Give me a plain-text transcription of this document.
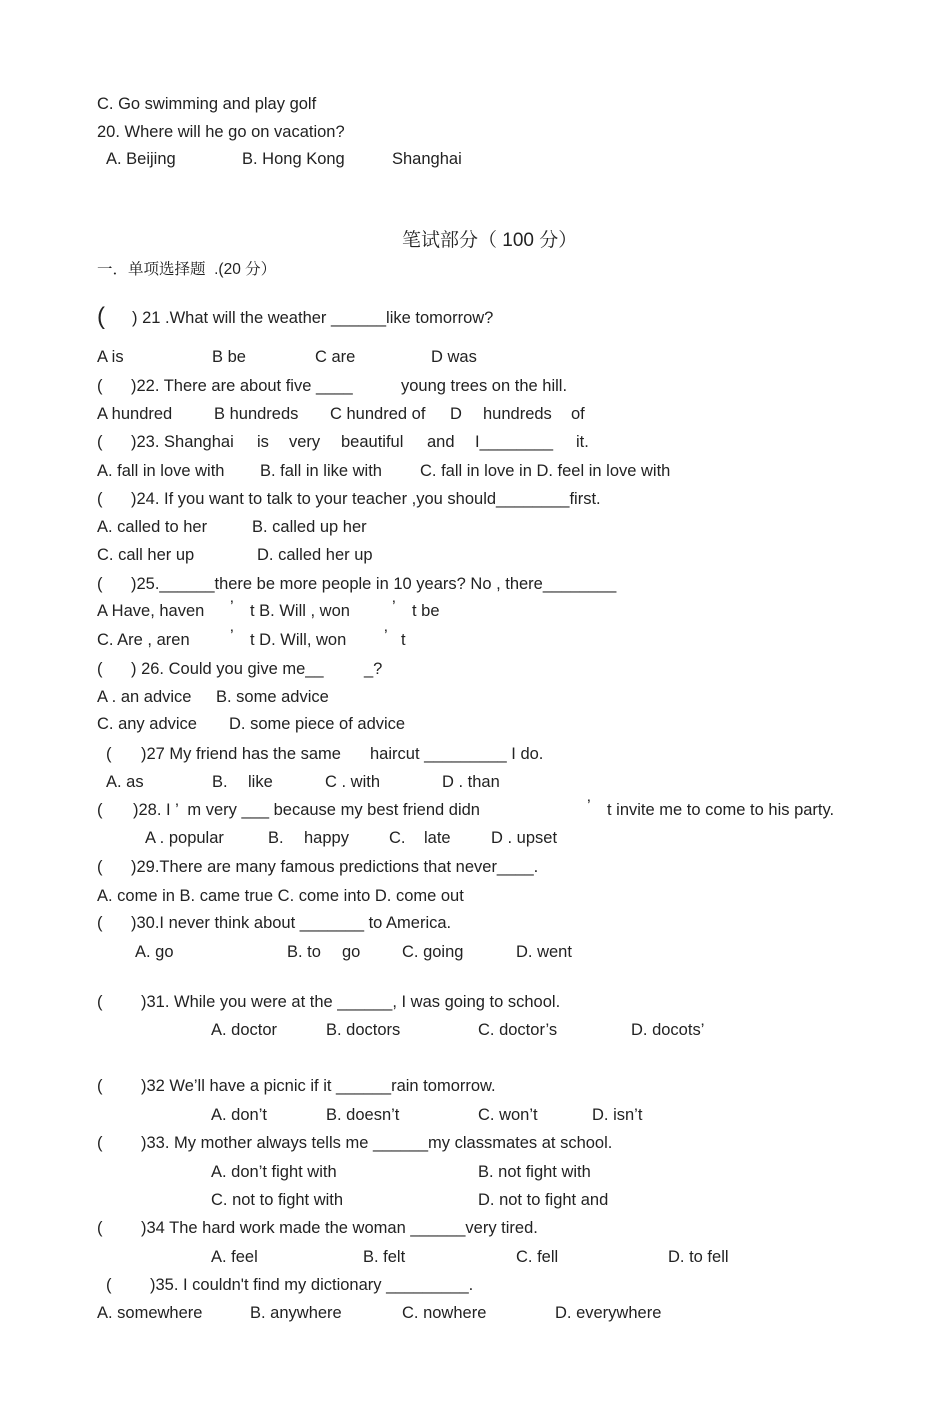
C. Go swimming and play golf
20. Where will he go on vacation?
A. Beijing	B. Hong Kong	Shanghai
笔试部分（ 100 分）
一．单项选择题  .(20 分）
( ) 21 .What will the weather ______like tomorrow?
A is	B be	C are	D was
( )22. There are about five ____	young trees on the hill.
A hundred	B hundreds C hundred of D hundreds of
( )23. Shanghai is very beautiful and I________ it.
A. fall in love with B. fall in like with C. fall in love in D. feel in love with
( )24. If you want to talk to your teacher ,you should________first.
A. called to her	B. called up her
C. call her up	D. called her up
( )25.______there be more people in 10 years? No , there________
A Have, haven ’ t B. Will , won	’ t be
C. Are , aren ’ t D. Will, won ’ t
( ) 26. Could you give me__ _?
A . an advice B. some advice
C. any advice D. some piece of advice
( )27 My friend has the same haircut _________ I do.
A. as	B. like	C . with	D . than
( )28. I ’  m very ___ because my best friend didn	’ t invite me to come to his party.
A . popular	B. happy C. late D . upset
( )29.There are many famous predictions that never____.
A. come in B. came true C. come into D. come out
( )30.I never think about _______ to America.
A. go	B. to go	C. going	D. went
( )31. While you were at the ______, I was going to school.
A. doctor	B. doctors	C. doctor’s	D. docots’
( )32 We’ll have a picnic if it ______rain tomorrow.
A. don’t	B. doesn’t	C. won’t	D. isn’t
( )33. My mother always tells me ______my classmates at school.
A. don’t fight with	B. not fight with
C. not to fight with	D. not to fight and
( )34 The hard work made the woman ______very tired.
A. feel	B. felt	C. fell	D. to fell
( )35. I couldn't find my dictionary _________.
A. somewhere	B. anywhere	C. nowhere	D. everywhere
